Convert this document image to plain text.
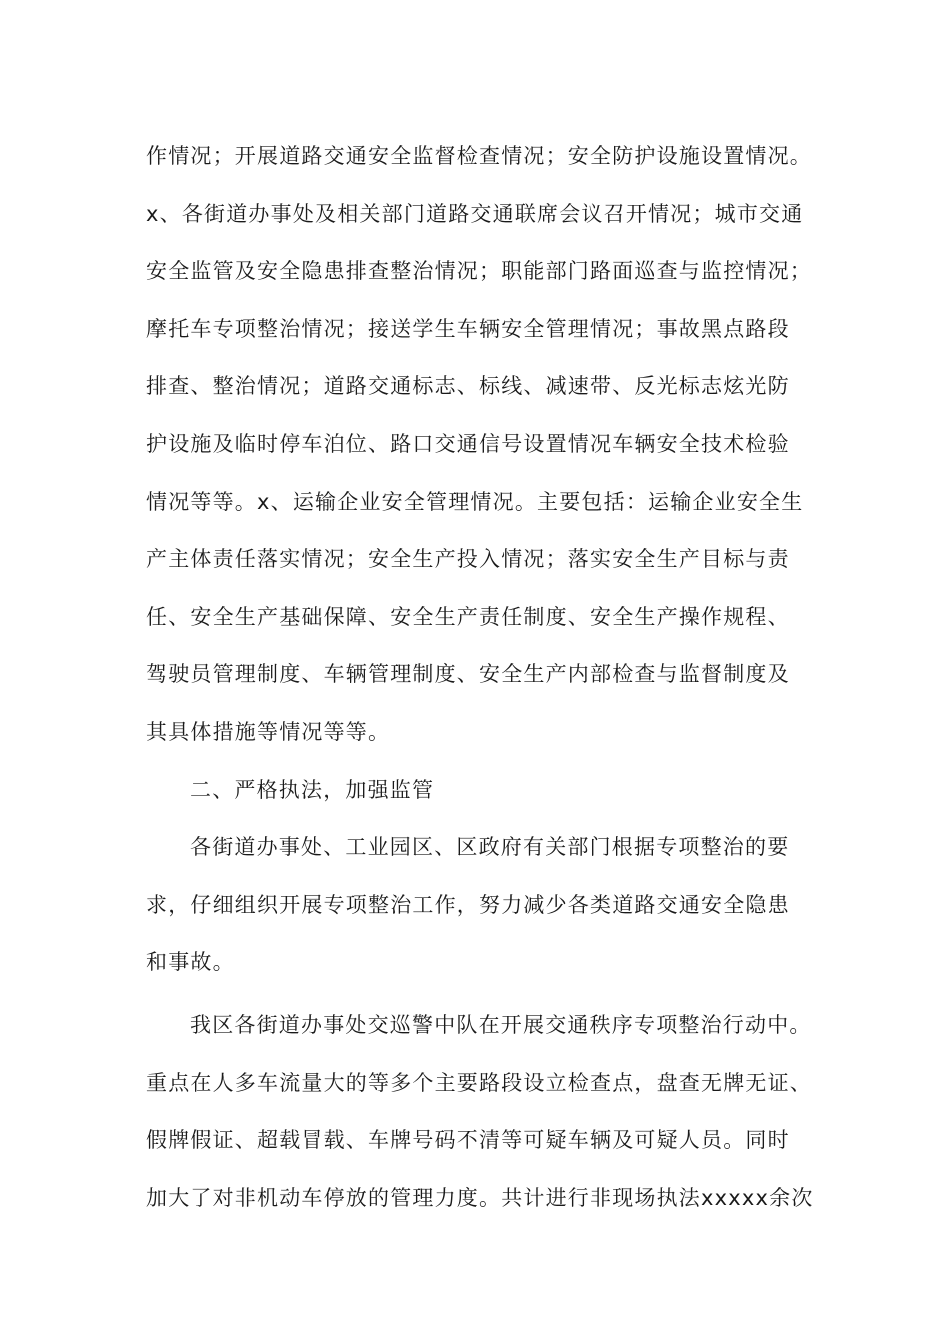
作情况；开展道路交通安全监督检查情况；安全防护设施设置情况。
x、各街道办事处及相关部门道路交通联席会议召开情况；城市交通
安全监管及安全隐患排查整治情况；职能部门路面巡查与监控情况；
摩托车专项整治情况；接送学生车辆安全管理情况；事故黑点路段
排查、整治情况；道路交通标志、标线、减速带、反光标志炫光防
护设施及临时停车泊位、路口交通信号设置情况车辆安全技术检验
情况等等。x、运输企业安全管理情况。主要包括：运输企业安全生
产主体责任落实情况；安全生产投入情况；落实安全生产目标与责
任、安全生产基础保障、安全生产责任制度、安全生产操作规程、
驾驶员管理制度、车辆管理制度、安全生产内部检查与监督制度及
其具体措施等情况等等。
二、严格执法，加强监管
各街道办事处、工业园区、区政府有关部门根据专项整治的要
求，仔细组织开展专项整治工作，努力减少各类道路交通安全隐患
和事故。
我区各街道办事处交巡警中队在开展交通秩序专项整治行动中。
重点在人多车流量大的等多个主要路段设立检查点，盘查无牌无证、
假牌假证、超载冒载、车牌号码不清等可疑车辆及可疑人员。同时
加大了对非机动车停放的管理力度。共计进行非现场执法xxxxx余次
